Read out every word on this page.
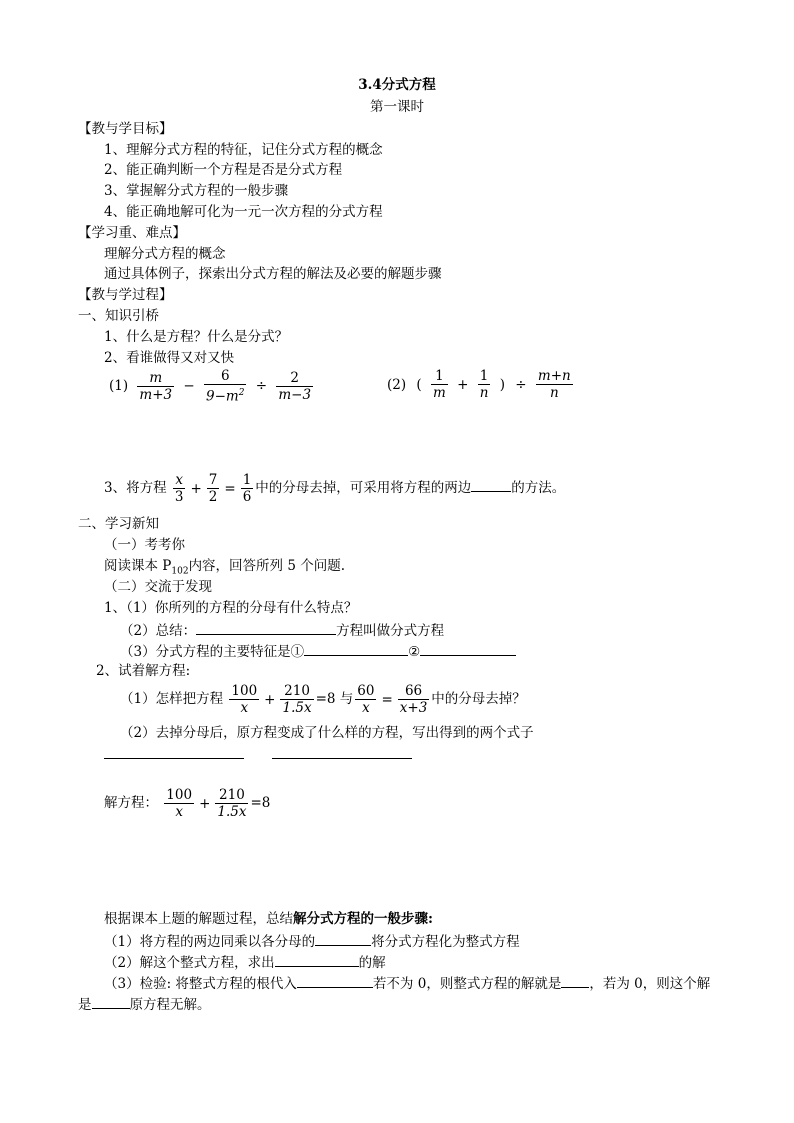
3.4分式方程
第一课时
【教与学目标】
1、理解分式方程的特征，记住分式方程的概念
2、能正确判断一个方程是否是分式方程
3、掌握解分式方程的一般步骤
4、能正确地解可化为一元一次方程的分式方程
【学习重、难点】
理解分式方程的概念
通过具体例子，探索出分式方程的解法及必要的解题步骤
【教与学过程】
一、知识引桥
1、什么是方程？什么是分式？
2、看谁做得又对又快
$(1) \frac{m}{m+3} - \frac{6}{9-m^2} \div \frac{2}{m-3}$	(2) ( $\frac{1}{m} + \frac{1}{n}$ ) ÷ $\frac{m+n}{n}$
3、将方程 $\frac{x}{3} + \frac{7}{2} = \frac{1}{6}$ 中的分母去掉，可采用将方程的两边	的方法。
二、学习新知
（一）考考你
阅读课本 $P_{102}$内容，回答所列 5 个问题.
（二）交流于发现
1、（1）你所列的方程的分母有什么特点？
（2）总结：	方程叫做分式方程
（3）分式方程的主要特征是①	②
2、试着解方程:
（1）怎样把方程 $\frac{100}{x} + \frac{210}{1.5x} =8$ 与 $\frac{60}{x} = \frac{66}{x+3}$ 中的分母去掉？
（2）去掉分母后，原方程变成了什么样的方程，写出得到的两个式子
解方程： $\frac{100}{x} + \frac{210}{1.5x} =8$
根据课本上题的解题过程，总结解分式方程的一般步骤:
（1）将方程的两边同乘以各分母的	将分式方程化为整式方程
（2）解这个整式方程，求出	的解
（3）检验: 将整式方程的根代入	若不为 0，则整式方程的解就是 ，若为 0，则这个解
是	原方程无解。
